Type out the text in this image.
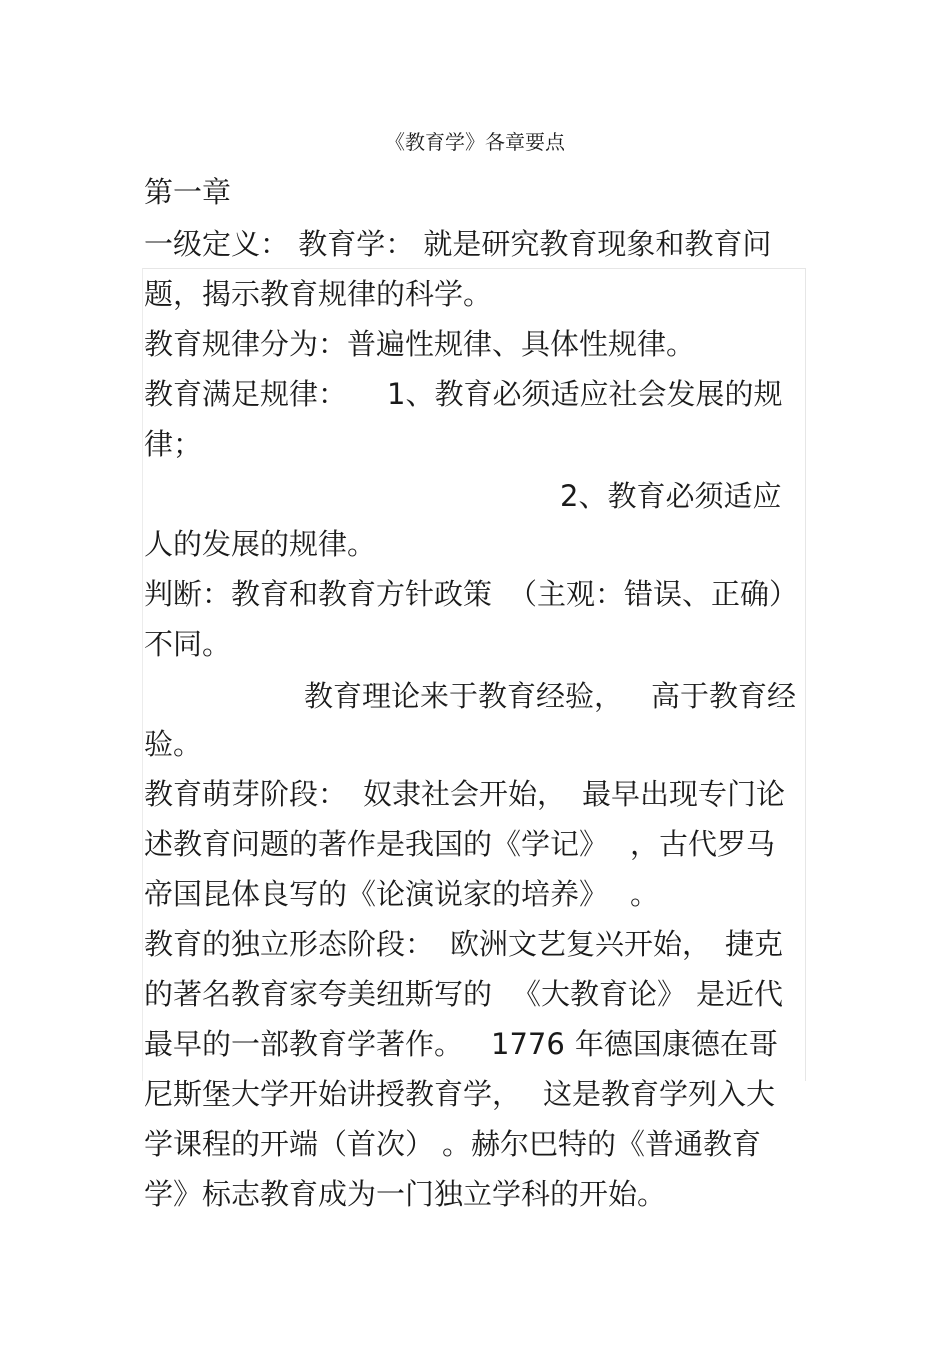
《教育学》各章要点
第一章
一级定义： 教育学： 就是研究教育现象和教育问
题，揭示教育规律的科学。
教育规律分为：普遍性规律、具体性规律。
教育满足规律： 1、教育必须适应社会发展的规
律；
2、教育必须适应
人的发展的规律。
判断：教育和教育方针政策 （主观：错误、正确）
不同。
教育理论来于教育经验， 高于教育经
验。
教育萌芽阶段： 奴隶社会开始， 最早出现专门论
述教育问题的著作是我国的《学记》 ，古代罗马
帝国昆体良写的《论演说家的培养》 。
教育的独立形态阶段： 欧洲文艺复兴开始， 捷克
的著名教育家夸美纽斯写的 《大教育论》 是近代
最早的一部教育学著作。 1776 年德国康德在哥
尼斯堡大学开始讲授教育学， 这是教育学列入大
学课程的开端（首次） 。赫尔巴特的《普通教育
学》标志教育成为一门独立学科的开始。
